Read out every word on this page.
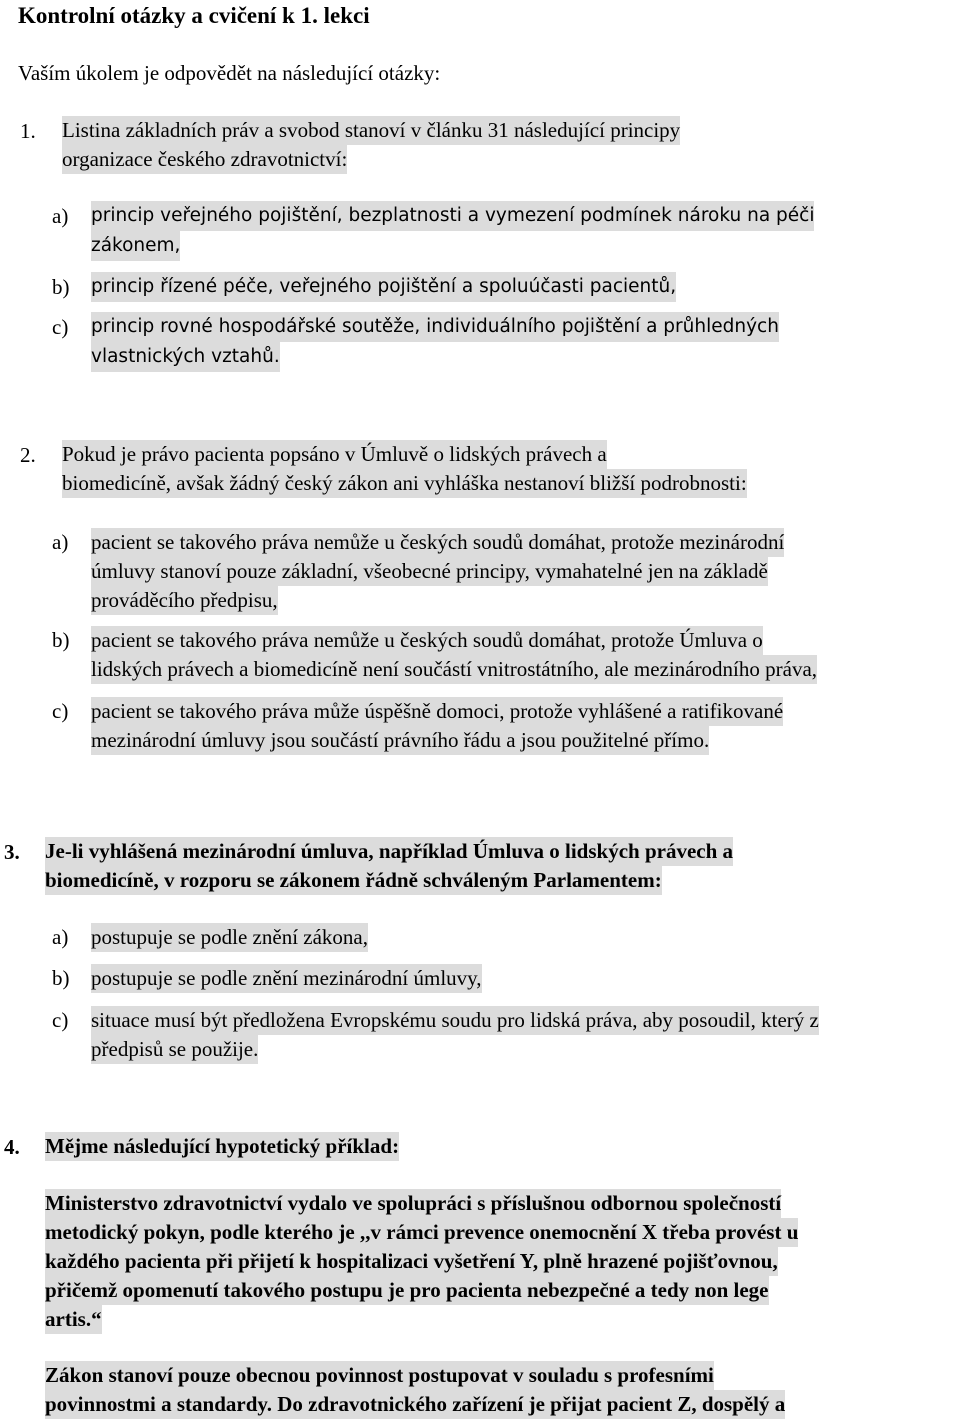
Kontrolní otázky a cvičení k 1. lekci
Vaším úkolem je odpovědět na následující otázky:
1. Listina základních práv a svobod stanoví v článku 31 následující principy
organizace českého zdravotnictví:
a) princip veřejného pojištění, bezplatnosti a vymezení podmínek nároku na péči
zákonem,
b) princip řízené péče, veřejného pojištění a spoluúčasti pacientů,
c) princip rovné hospodářské soutěže, individuálního pojištění a průhledných
vlastnických vztahů.
2. Pokud je právo pacienta popsáno v Úmluvě o lidských právech a
biomedicíně, avšak žádný český zákon ani vyhláška nestanoví bližší podrobnosti:
a) pacient se takového práva nemůže u českých soudů domáhat, protože mezinárodní
úmluvy stanoví pouze základní, všeobecné principy, vymahatelné jen na základě
prováděcího předpisu,
b) pacient se takového práva nemůže u českých soudů domáhat, protože Úmluva o
lidských právech a biomedicíně není součástí vnitrostátního, ale mezinárodního práva,
c) pacient se takového práva může úspěšně domoci, protože vyhlášené a ratifikované
mezinárodní úmluvy jsou součástí právního řádu a jsou použitelné přímo.
3. Je-li vyhlášená mezinárodní úmluva, například Úmluva o lidských právech a
biomedicíně, v rozporu se zákonem řádně schváleným Parlamentem:
a) postupuje se podle znění zákona,
b) postupuje se podle znění mezinárodní úmluvy,
c) situace musí být předložena Evropskému soudu pro lidská práva, aby posoudil, který z
předpisů se použije.
4. Mějme následující hypotetický příklad:
Ministerstvo zdravotnictví vydalo ve spolupráci s příslušnou odbornou společností
metodický pokyn, podle kterého je ,,v rámci prevence onemocnění X třeba provést u
každého pacienta při přijetí k hospitalizaci vyšetření Y, plně hrazené pojišťovnou,
přičemž opomenutí takového postupu je pro pacienta nebezpečné a tedy non lege
artis.“
Zákon stanoví pouze obecnou povinnost postupovat v souladu s profesními
povinnostmi a standardy. Do zdravotnického zařízení je přijat pacient Z, dospělý a
